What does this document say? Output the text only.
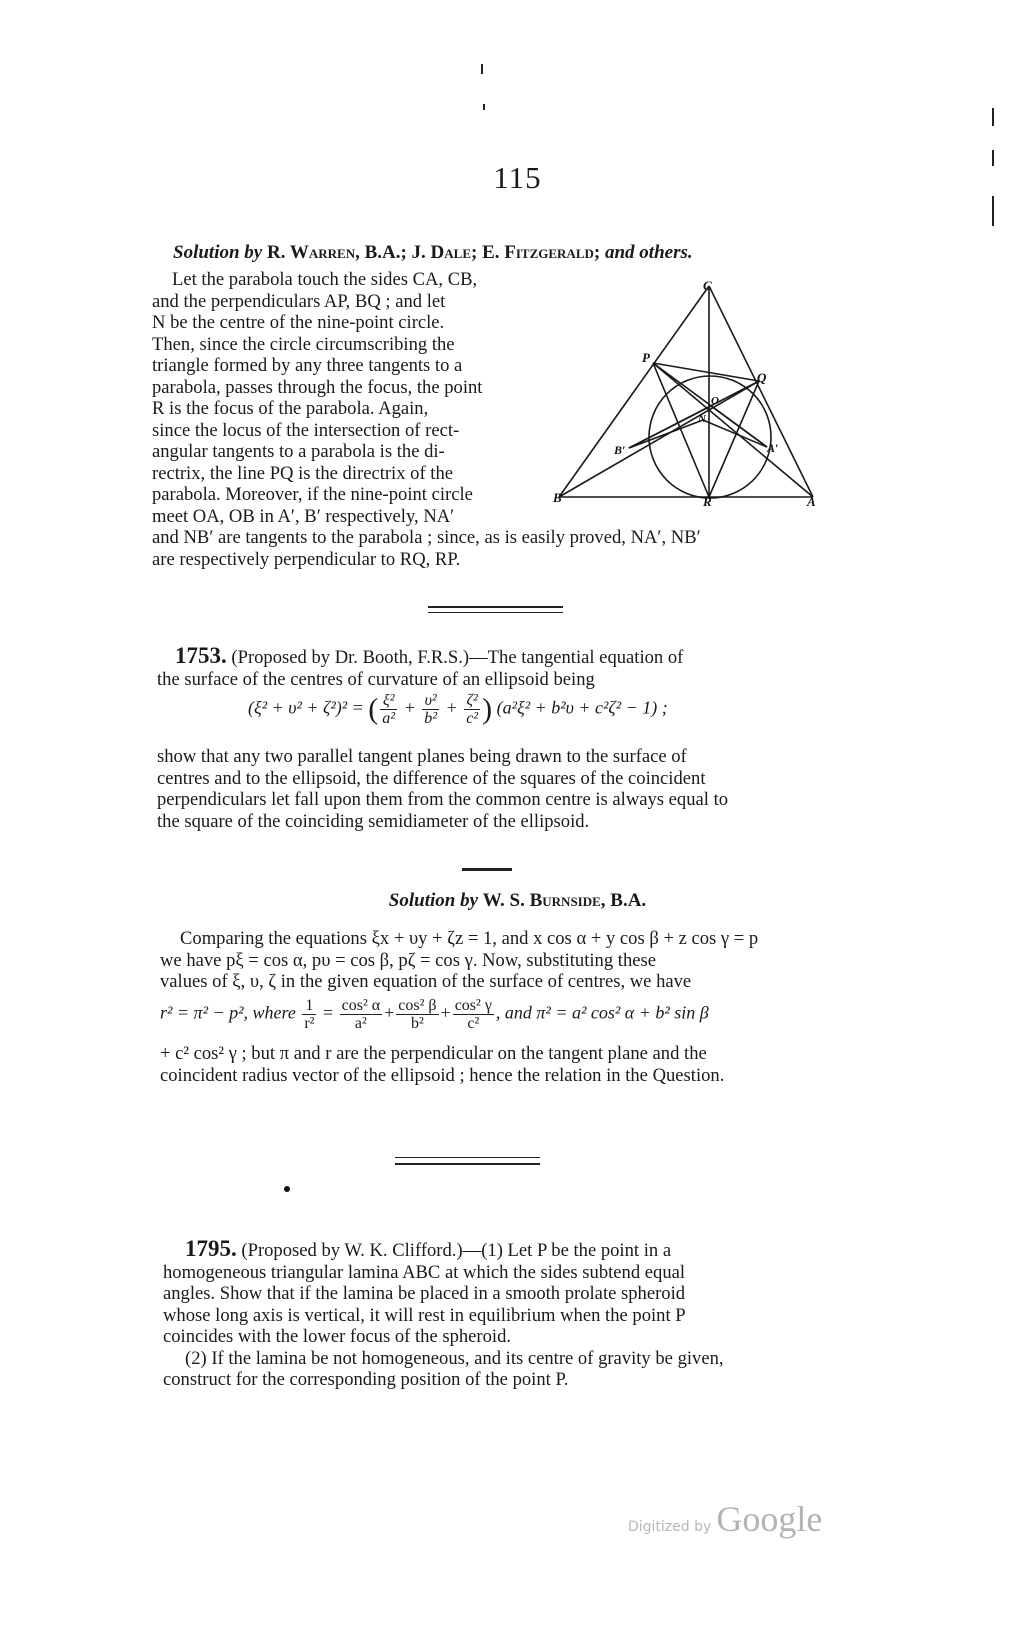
115
Solution by R. Warren, B.A.; J. Dale; E. Fitzgerald; and others.
Let the parabola touch the sides CA, CB,
and the perpendiculars AP, BQ ; and let
N be the centre of the nine-point circle.
Then, since the circle circumscribing the
triangle formed by any three tangents to a
parabola, passes through the focus, the point
R is the focus of the parabola. Again,
since the locus of the intersection of rect-
angular tangents to a parabola is the di-
rectrix, the line PQ is the directrix of the
parabola. Moreover, if the nine-point circle
meet OA, OB in A′, B′ respectively, NA′
and NB′ are tangents to the parabola ; since, as is easily proved, NA′, NB′
are respectively perpendicular to RQ, RP.
C
P
Q
O
N
B′	A′
B	R	A
1753. (Proposed by Dr. Booth, F.R.S.)—The tangential equation of
the surface of the centres of curvature of an ellipsoid being
(ξ² + υ² + ζ²)² = ( $\frac{\text{ξ²}}{\text{a²}} + \frac{\text{υ²}}{\text{b²}} + \frac{\text{ζ²}}{\text{c²}}$ ) (a²ξ² + b²υ + c²ζ² − 1) ;
show that any two parallel tangent planes being drawn to the surface of
centres and to the ellipsoid, the difference of the squares of the coincident
perpendiculars let fall upon them from the common centre is always equal to
the square of the coinciding semidiameter of the ellipsoid.
Solution by W. S. Burnside, B.A.
Comparing the equations ξx + υy + ζz = 1, and x cos α + y cos β + z cos γ = p
we have pξ = cos α, pυ = cos β, pζ = cos γ. Now, substituting these
values of ξ, υ, ζ in the given equation of the surface of centres, we have
r² = π² − p², where $\frac{1}{\text{r²}} = \frac{\text{cos² α}}{\text{a²}} + \frac{\text{cos² β}}{\text{b²}} + \frac{\text{cos² γ}}{\text{c²}}$ , and π² = a² cos² α + b² sin β
+ c² cos² γ ; but π and r are the perpendicular on the tangent plane and the
coincident radius vector of the ellipsoid ; hence the relation in the Question.
1795. (Proposed by W. K. Clifford.)—(1) Let P be the point in a
homogeneous triangular lamina ABC at which the sides subtend equal
angles. Show that if the lamina be placed in a smooth prolate spheroid
whose long axis is vertical, it will rest in equilibrium when the point P
coincides with the lower focus of the spheroid.
(2) If the lamina be not homogeneous, and its centre of gravity be given,
construct for the corresponding position of the point P.
Digitized by Google
